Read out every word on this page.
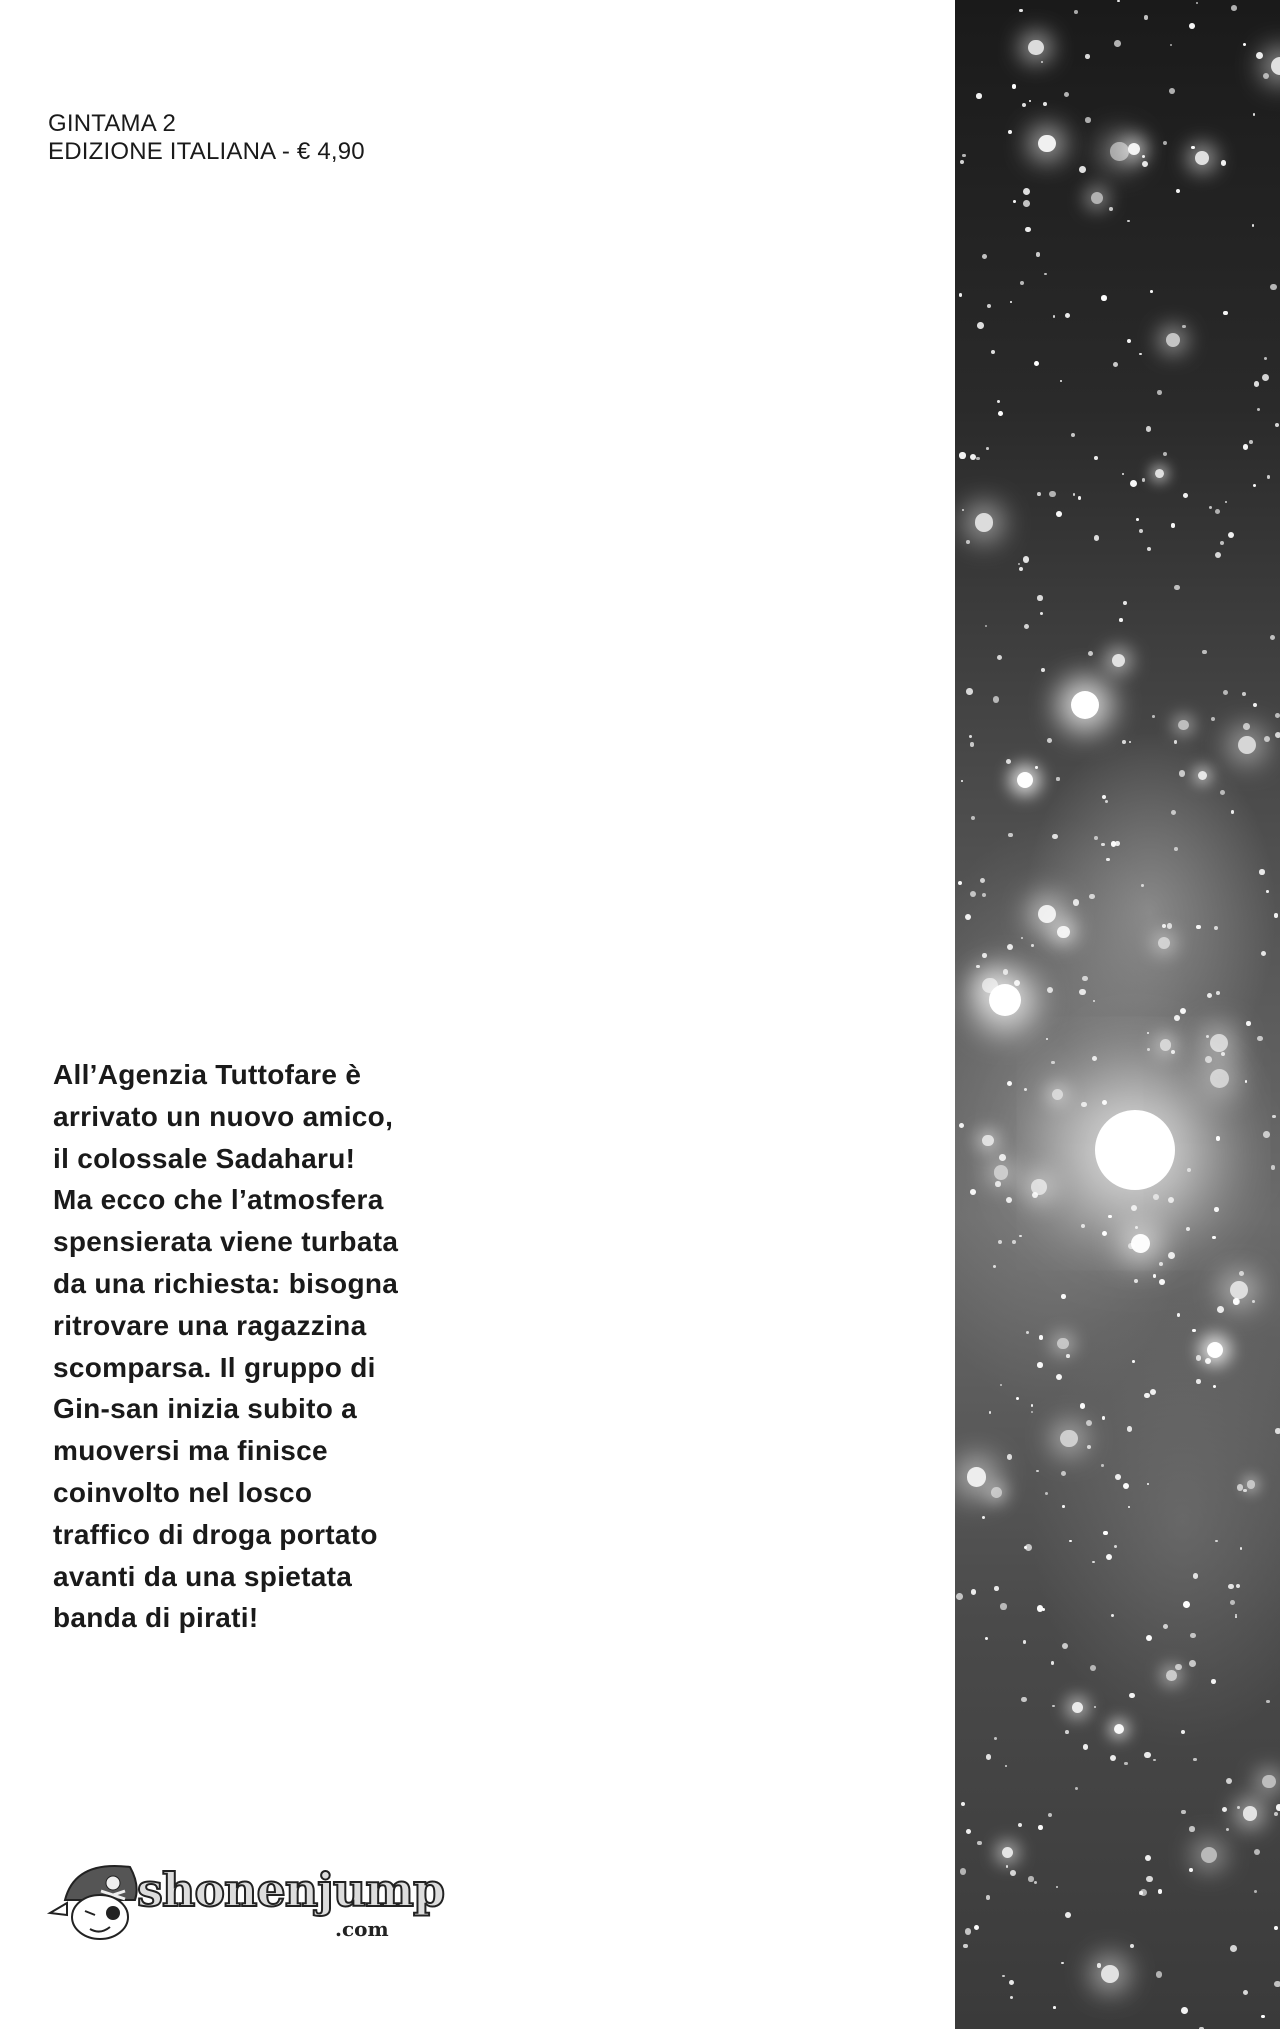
GINTAMA 2
EDIZIONE ITALIANA - € 4,90
All’Agenzia Tuttofare è
arrivato un nuovo amico,
il colossale Sadaharu!
Ma ecco che l’atmosfera
spensierata viene turbata
da una richiesta: bisogna
ritrovare una ragazzina
scomparsa. Il gruppo di
Gin-san inizia subito a
muoversi ma finisce
coinvolto nel losco
traffico di droga portato
avanti da una spietata
banda di pirati!
shonenjump
.com
